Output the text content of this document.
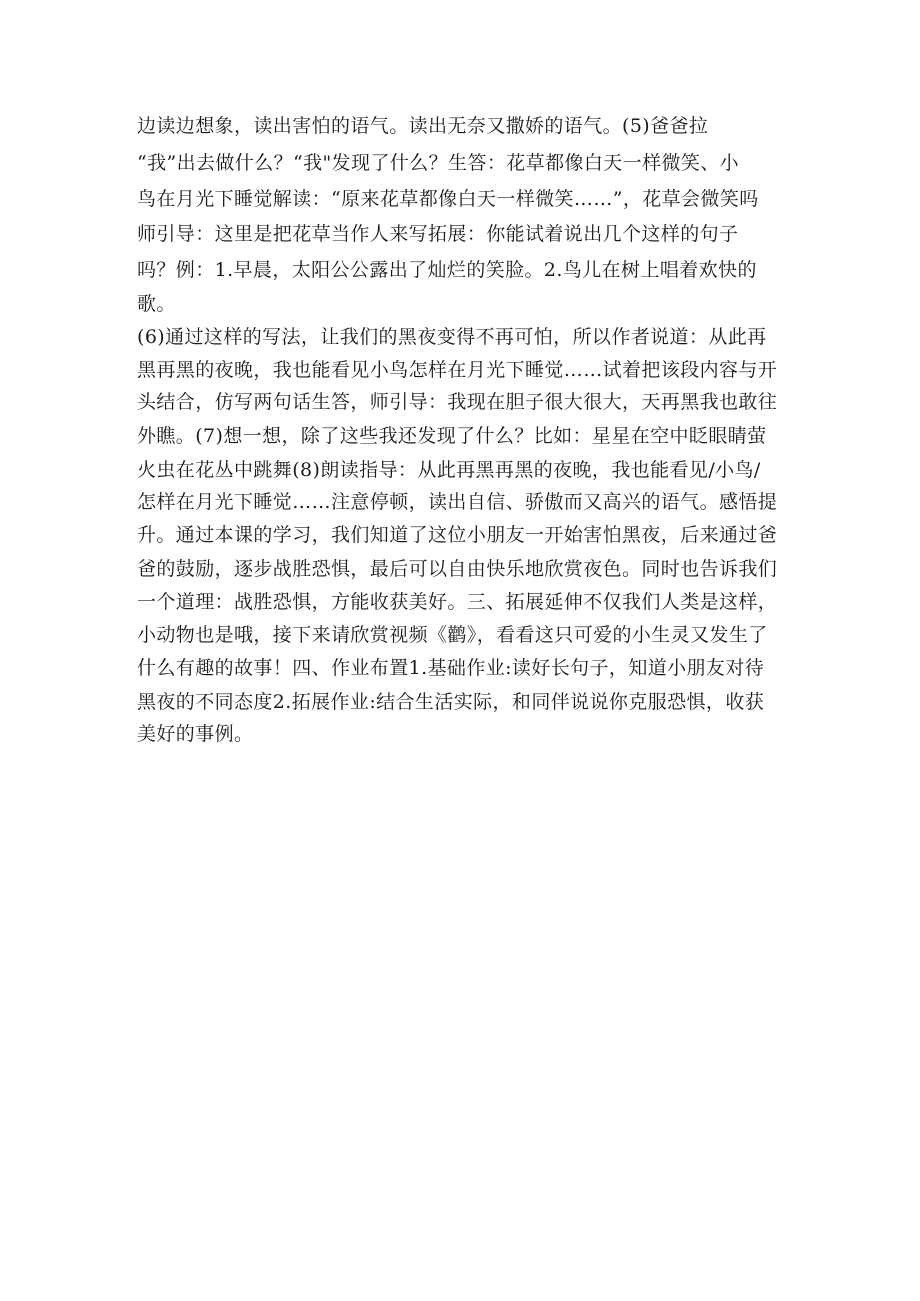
边读边想象，读出害怕的语气。读出无奈又撒娇的语气。(5)爸爸拉
“我”出去做什么？“我"发现了什么？生答：花草都像白天一样微笑、小
鸟在月光下睡觉解读：“原来花草都像白天一样微笑……”，花草会微笑吗
师引导：这里是把花草当作人来写拓展：你能试着说出几个这样的句子
吗？例：1.早晨，太阳公公露出了灿烂的笑脸。2.鸟儿在树上唱着欢快的
歌。
(6)通过这样的写法，让我们的黑夜变得不再可怕，所以作者说道：从此再
黑再黑的夜晚，我也能看见小鸟怎样在月光下睡觉……试着把该段内容与开
头结合，仿写两句话生答，师引导：我现在胆子很大很大，天再黑我也敢往
外瞧。(7)想一想，除了这些我还发现了什么？比如：星星在空中眨眼睛萤
火虫在花丛中跳舞(8)朗读指导：从此再黑再黑的夜晚，我也能看见/小鸟/
怎样在月光下睡觉……注意停顿，读出自信、骄傲而又高兴的语气。感悟提
升。通过本课的学习，我们知道了这位小朋友一开始害怕黑夜，后来通过爸
爸的鼓励，逐步战胜恐惧，最后可以自由快乐地欣赏夜色。同时也告诉我们
一个道理：战胜恐惧，方能收获美好。三、拓展延伸不仅我们人类是这样，
小动物也是哦，接下来请欣赏视频《鹳》，看看这只可爱的小生灵又发生了
什么有趣的故事！四、作业布置1.基础作业:读好长句子，知道小朋友对待
黑夜的不同态度2.拓展作业:结合生活实际，和同伴说说你克服恐惧，收获
美好的事例。
